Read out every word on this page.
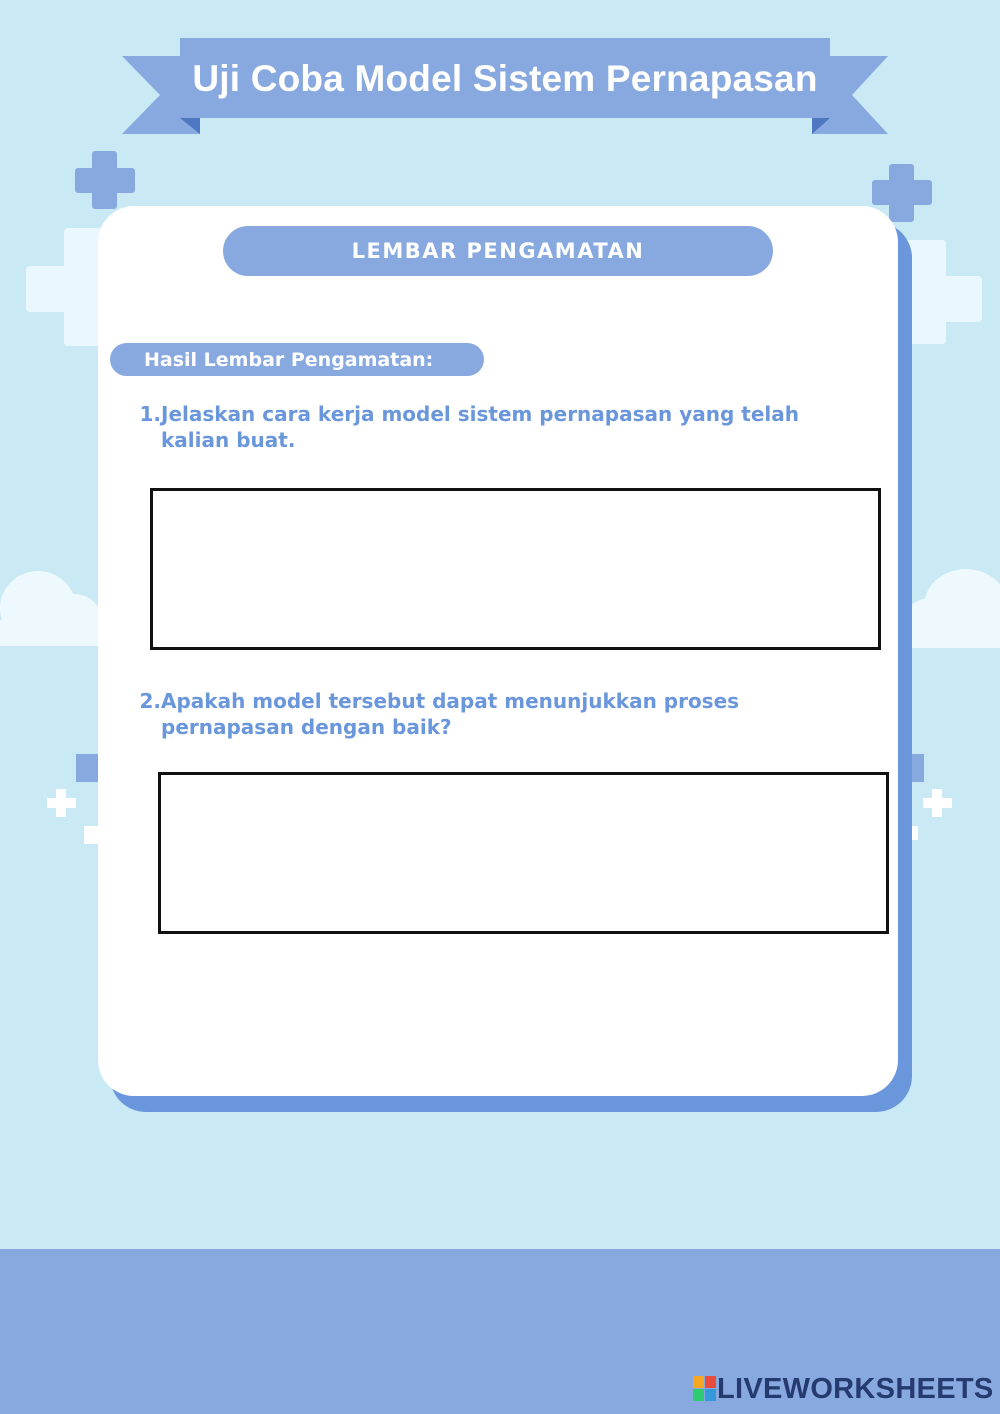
Uji Coba Model Sistem Pernapasan
LEMBAR PENGAMATAN
Hasil Lembar Pengamatan:
1. Jelaskan cara kerja model sistem pernapasan yang telah kalian buat.
2. Apakah model tersebut dapat menunjukkan proses pernapasan dengan baik?
LIVEWORKSHEETS
